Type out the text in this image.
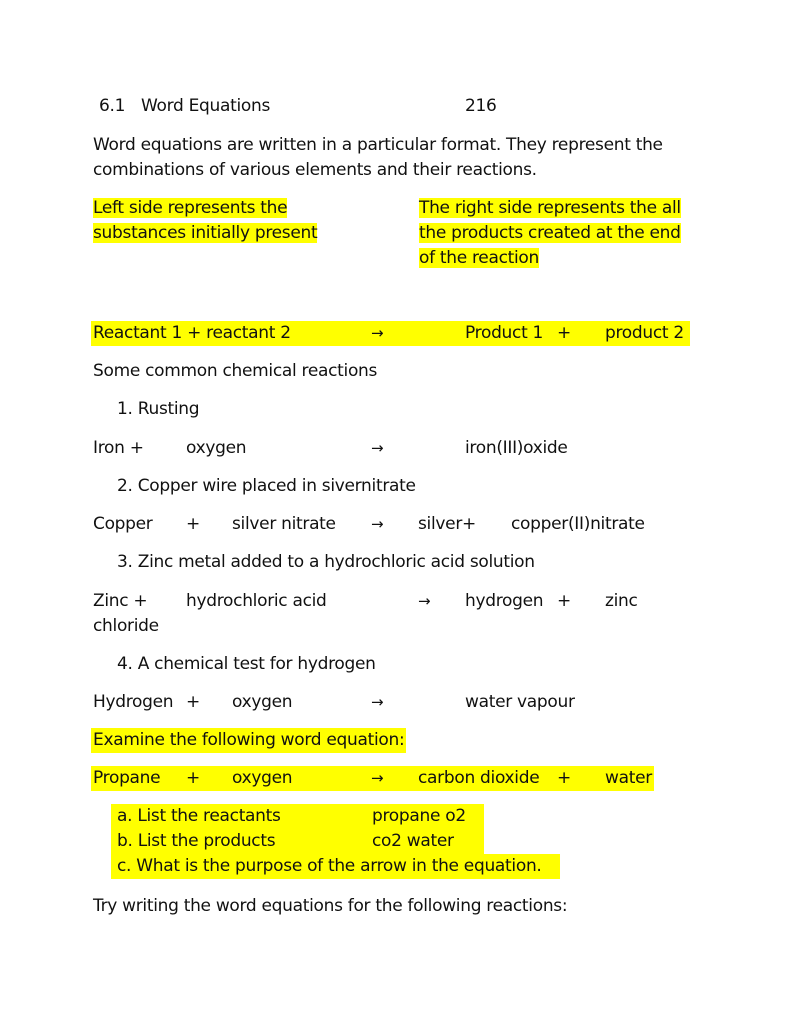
6.1 Word Equations	216
Word equations are written in a particular format. They represent the
combinations of various elements and their reactions.
Left side represents the
substances initially present
The right side represents the all
the products created at the end
of the reaction
Reactant 1 + reactant 2	→	Product 1 + product 2
Some common chemical reactions
1. Rusting
Iron + oxygen	→	iron(III)oxide
2. Copper wire placed in sivernitrate
Copper + silver nitrate → silver+ copper(II)nitrate
3. Zinc metal added to a hydrochloric acid solution
Zinc + hydrochloric acid	→ hydrogen + zinc
chloride
4. A chemical test for hydrogen
Hydrogen + oxygen	→	water vapour
Examine the following word equation:
Propane + oxygen	→ carbon dioxide + water
a. List the reactants	propane o2
b. List the products	co2 water
c. What is the purpose of the arrow in the equation.
Try writing the word equations for the following reactions:
